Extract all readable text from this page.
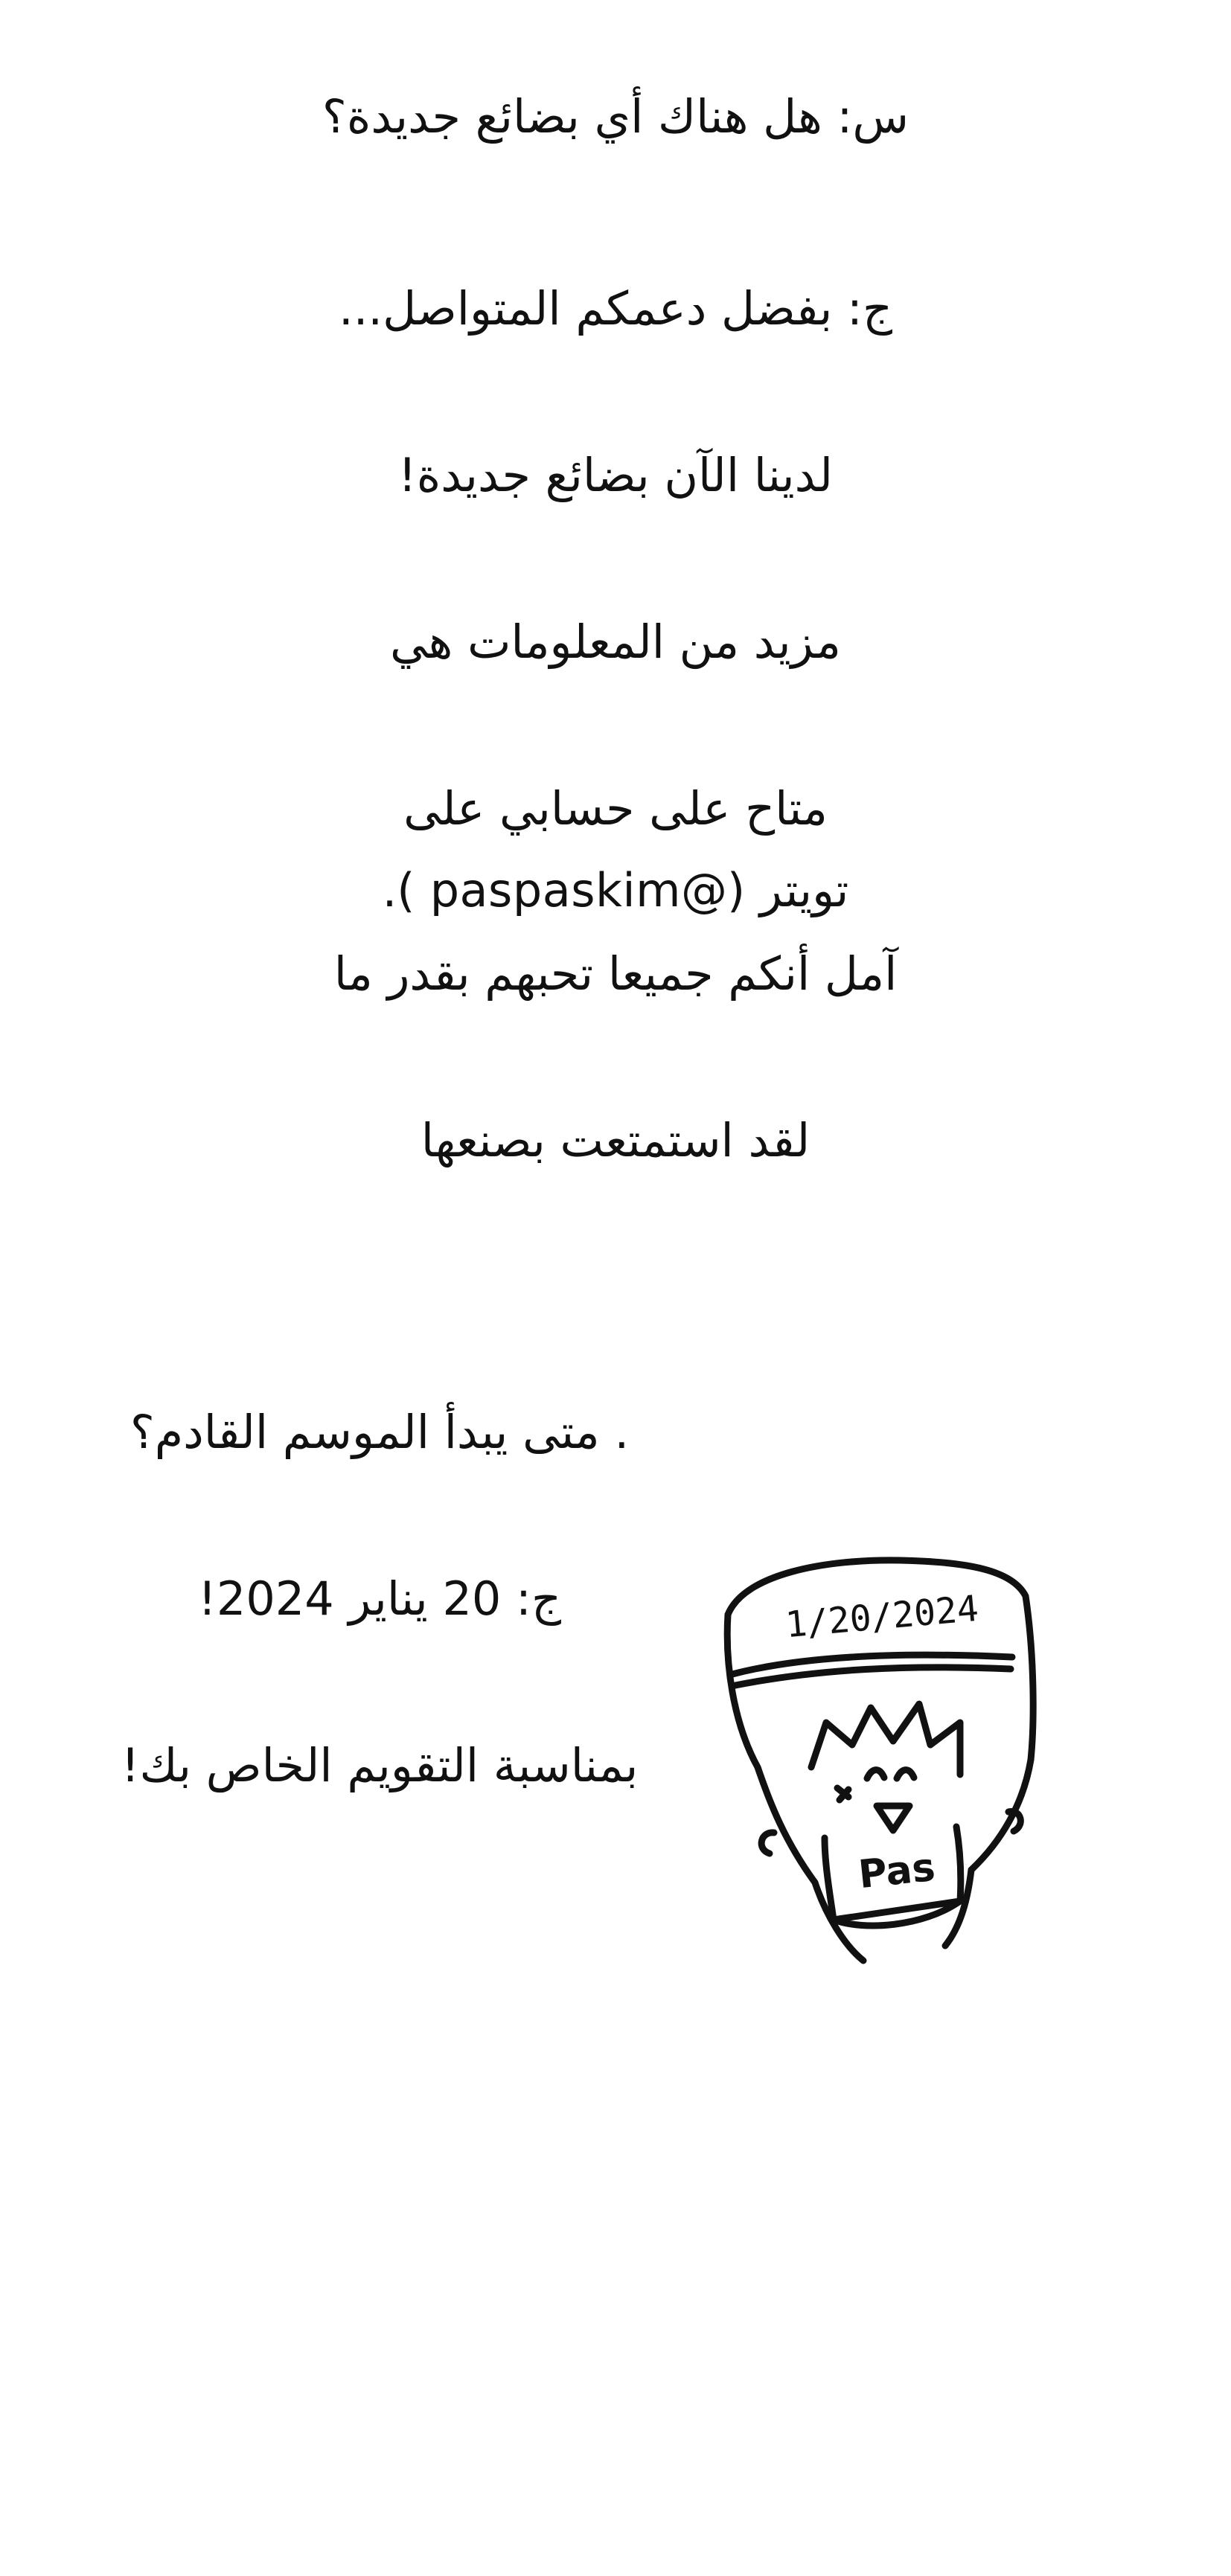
س: هل هناك أي بضائع جديدة؟
ج: بفضل دعمكم المتواصل...
لدينا الآن بضائع جديدة!
مزيد من المعلومات هي
متاح على حسابي على
تويتر (@paspaskim ).
آمل أنكم جميعا تحبهم بقدر ما
لقد استمتعت بصنعها
. متى يبدأ الموسم القادم؟
ج: 20 يناير 2024!
بمناسبة التقويم الخاص بك!
1/20/2024
Pas
